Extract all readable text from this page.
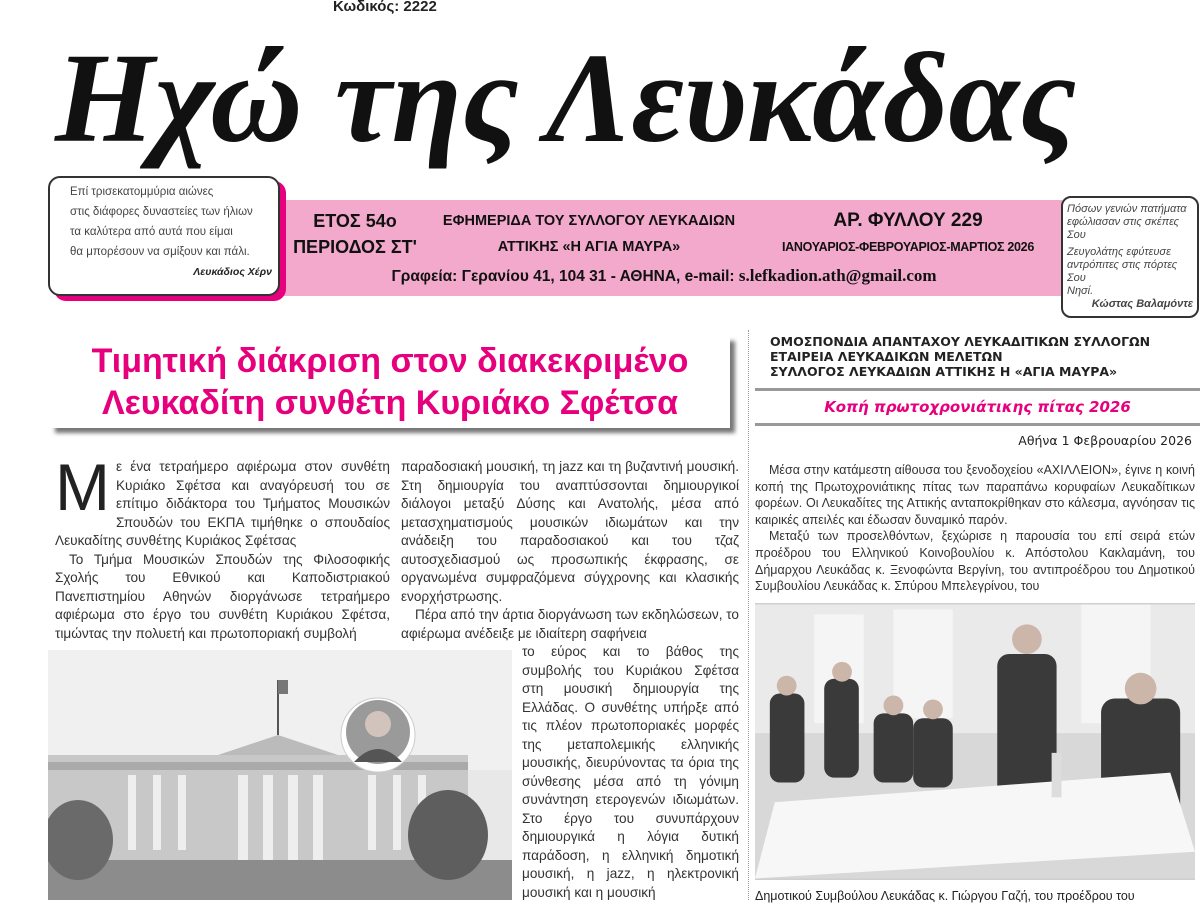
Κωδικός: 2222
Ηχώ της Λευκάδας
ΕΤΟΣ 54ο
ΠΕΡΙΟΔΟΣ ΣΤ'
ΕΦΗΜΕΡΙΔΑ ΤΟΥ ΣΥΛΛΟΓΟΥ ΛΕΥΚΑΔΙΩΝ
ΑΤΤΙΚΗΣ «Η ΑΓΙΑ ΜΑΥΡΑ»
ΑΡ. ΦΥΛΛΟΥ 229
ΙΑΝΟΥΑΡΙΟΣ-ΦΕΒΡΟΥΑΡΙΟΣ-ΜΑΡΤΙΟΣ 2026
Γραφεία: Γερανίου 41, 104 31 - ΑΘΗΝΑ, e-mail: s.lefkadion.ath@gmail.com
Επί τρισεκατομμύρια αιώνες
στις διάφορες δυναστείες των ήλιων
τα καλύτερα από αυτά που είμαι
θα μπορέσουν να σμίξουν και πάλι.
Λευκάδιος Χέρν
Πόσων γενιών πατήματα
εφώλιασαν στις σκέπες Σου
Ζευγολάτης εφύτευσε
αντρόπιτες στις πόρτες Σου
Νησί.
Κώστας Βαλαμόντε
Τιμητική διάκριση στον διακεκριμένο
Λευκαδίτη συνθέτη Κυριάκο Σφέτσα

Με ένα τετραήμερο αφιέρωμα στον συνθέτη Κυριάκο Σφέτσα και αναγόρευσή του σε επίτιμο διδάκτορα του Τμήματος Μουσικών Σπουδών του ΕΚΠΑ τιμήθηκε ο σπουδαίος Λευκαδίτης συνθέτης Κυριάκος Σφέτσας

Το Τμήμα Μουσικών Σπουδών της Φιλοσοφικής Σχολής του Εθνικού και Καποδιστριακού Πανεπιστημίου Αθηνών διοργάνωσε τετραήμερο αφιέρωμα στο έργο του συνθέτη Κυριάκου Σφέτσα, τιμώντας την πολυετή και πρωτοποριακή συμβολή

παραδοσιακή μουσική, τη jazz και τη βυζαντινή μουσική. Στη δημιουργία του αναπτύσσονται δημιουργικοί διάλογοι μεταξύ Δύσης και Ανατολής, μέσα από μετασχηματισμούς μουσικών ιδιωμάτων και την ανάδειξη του παραδοσιακού και του τζαζ αυτοσχεδιασμού ως προσωπικής έκφρασης, σε οργανωμένα συμφραζόμενα σύγχρονης και κλασικής ενορχήστρωσης.

Πέρα από την άρτια διοργάνωση των εκδηλώσεων, το αφιέρωμα ανέδειξε με ιδιαίτερη σαφήνεια

το εύρος και το βάθος της συμβολής του Κυριάκου Σφέτσα στη μουσική δημιουργία της Ελλάδας. Ο συνθέτης υπήρξε από τις πλέον πρωτοποριακές μορφές της μεταπολεμικής ελληνικής μουσικής, διευρύνοντας τα όρια της σύνθεσης μέσα από τη γόνιμη συνάντηση ετερογενών ιδιωμάτων. Στο έργο του συνυπάρχουν δημιουργικά η λόγια δυτική παράδοση, η ελληνική δημοτική μουσική, η jazz, η ηλεκτρονική μουσική και η μουσική

ΟΜΟΣΠΟΝΔΙΑ ΑΠΑΝΤΑΧΟΥ ΛΕΥΚΑΔΙΤΙΚΩΝ ΣΥΛΛΟΓΩΝ
ΕΤΑΙΡΕΙΑ ΛΕΥΚΑΔΙΚΩΝ ΜΕΛΕΤΩΝ
ΣΥΛΛΟΓΟΣ ΛΕΥΚΑΔΙΩΝ ΑΤΤΙΚΗΣ Η «ΑΓΙΑ ΜΑΥΡΑ»
Κοπή πρωτοχρονιάτικης πίτας 2026
Αθήνα 1 Φεβρουαρίου 2026

Μέσα στην κατάμεστη αίθουσα του ξενοδοχείου «ΑΧΙΛΛΕΙΟΝ», έγινε η κοινή κοπή της Πρωτοχρονιάτικης πίτας των παραπάνω κορυφαίων Λευκαδίτικων φορέων. Οι Λευκαδίτες της Αττικής ανταποκρίθηκαν στο κάλεσμα, αγνόησαν τις καιρικές απειλές και έδωσαν δυναμικό παρόν.

Μεταξύ των προσελθόντων, ξεχώρισε η παρουσία του επί σειρά ετών προέδρου του Ελληνικού Κοινοβουλίου κ. Απόστολου Κακλαμάνη, του Δήμαρχου Λευκάδας κ. Ξενοφώντα Βεργίνη, του αντιπροέδρου του Δημοτικού Συμβουλίου Λευκάδας κ. Σπύρου Μπελεγρίνου, του

Δημοτικού Συμβούλου Λευκάδας κ. Γιώργου Γαζή, του προέδρου του
